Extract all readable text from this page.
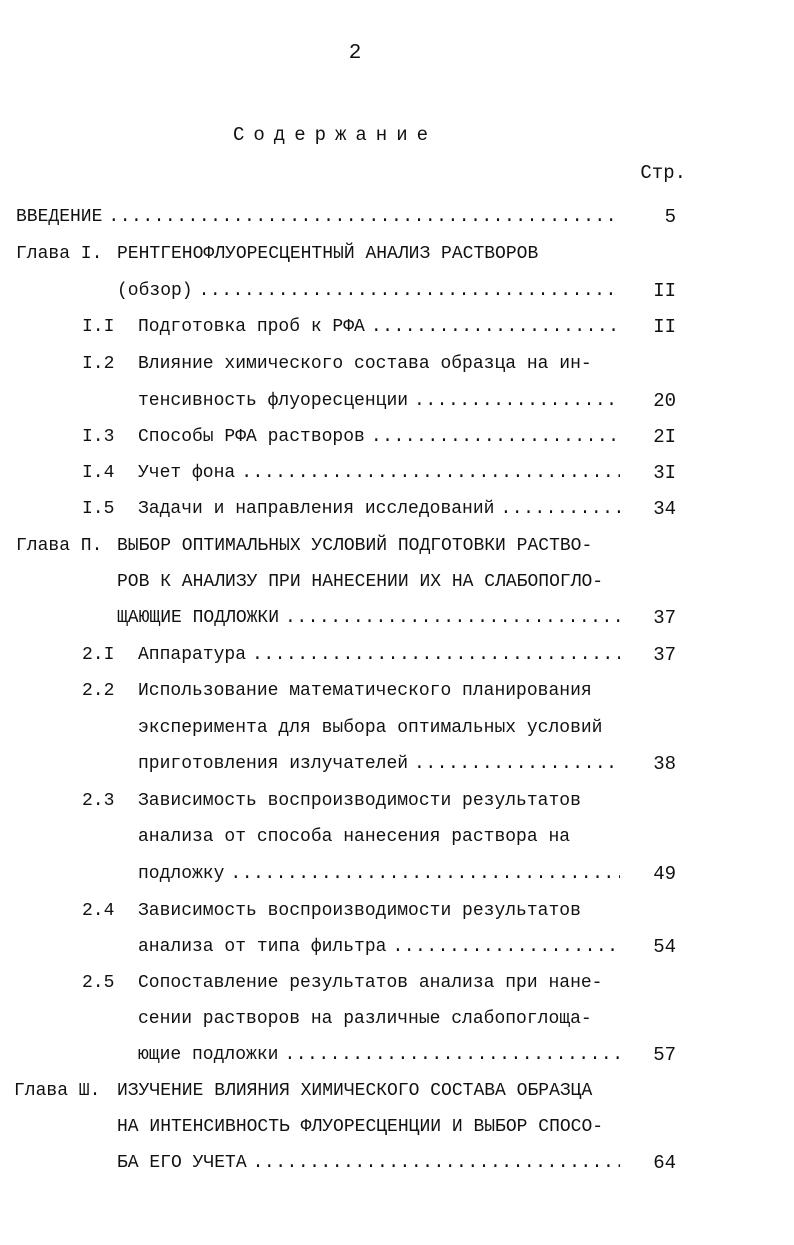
2
Содержание
Стр.
ВВЕДЕНИЕ .....	5
Глава I. РЕНТГЕНОФЛУОРЕСЦЕНТНЫЙ АНАЛИЗ РАСТВОРОВ
(обзор) .....	II
I.I Подготовка проб к РФА .....	II
I.2 Влияние химического состава образца на ин-
тенсивность флуоресценции .....	20
I.3 Способы РФА растворов .....	2I
I.4 Учет фона .....	3I
I.5 Задачи и направления исследований .....	34
Глава П. ВЫБОР ОПТИМАЛЬНЫХ УСЛОВИЙ ПОДГОТОВКИ РАСТВО-
РОВ К АНАЛИЗУ ПРИ НАНЕСЕНИИ ИХ НА СЛАБОПОГЛО-
ЩАЮЩИЕ ПОДЛОЖКИ .....	37
2.I Аппаратура .....	37
2.2 Использование математического планирования
эксперимента для выбора оптимальных условий
приготовления излучателей .....	38
2.3 Зависимость воспроизводимости результатов
анализа от способа нанесения раствора на
подложку .....	49
2.4 Зависимость воспроизводимости результатов
анализа от типа фильтра .....	54
2.5 Сопоставление результатов анализа при нане-
сении растворов на различные слабопоглоща-
ющие подложки .....	57
Глава Ш. ИЗУЧЕНИЕ ВЛИЯНИЯ ХИМИЧЕСКОГО СОСТАВА ОБРАЗЦА
НА ИНТЕНСИВНОСТЬ ФЛУОРЕСЦЕНЦИИ И ВЫБОР СПОСО-
БА ЕГО УЧЕТА .....	64
